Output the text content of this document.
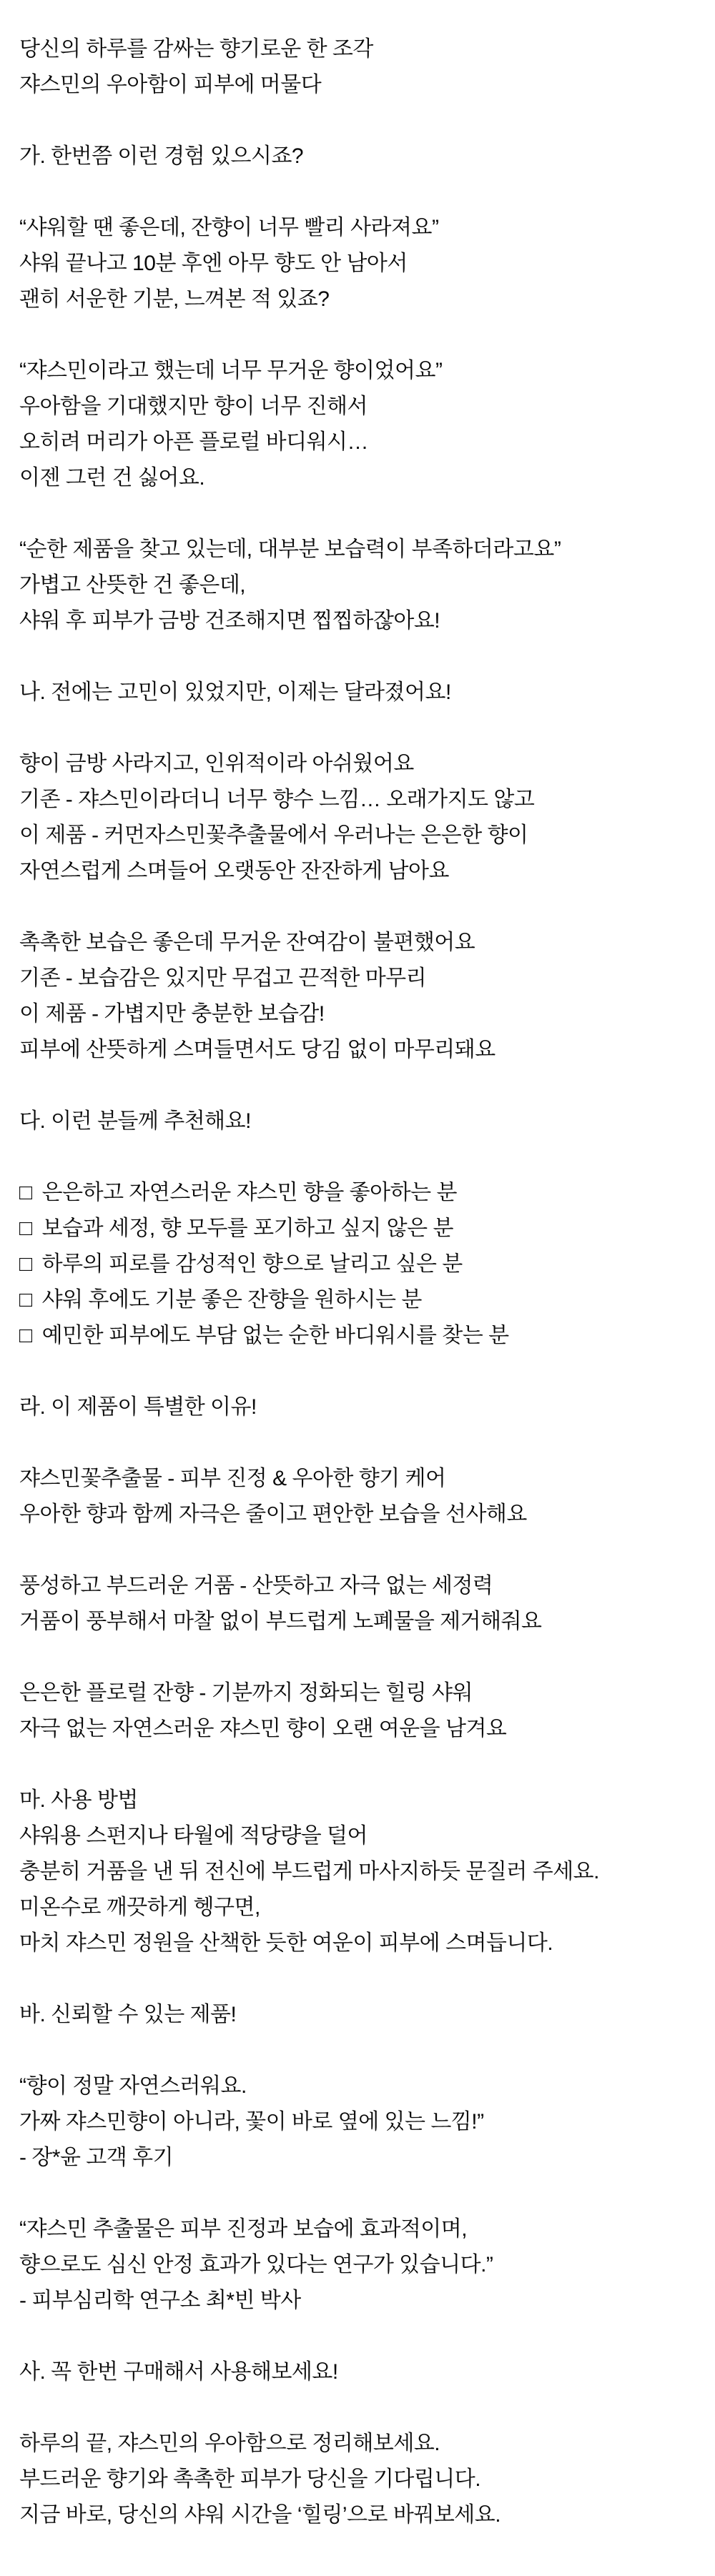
당신의 하루를 감싸는 향기로운 한 조각

쟈스민의 우아함이 피부에 머물다

가. 한번쯤 이런 경험 있으시죠?

“샤워할 땐 좋은데, 잔향이 너무 빨리 사라져요”

샤워 끝나고 10분 후엔 아무 향도 안 남아서

괜히 서운한 기분, 느껴본 적 있죠?

“쟈스민이라고 했는데 너무 무거운 향이었어요”

우아함을 기대했지만 향이 너무 진해서

오히려 머리가 아픈 플로럴 바디워시…

이젠 그런 건 싫어요.

“순한 제품을 찾고 있는데, 대부분 보습력이 부족하더라고요”

가볍고 산뜻한 건 좋은데,

샤워 후 피부가 금방 건조해지면 찝찝하잖아요!

나. 전에는 고민이 있었지만, 이제는 달라졌어요!

향이 금방 사라지고, 인위적이라 아쉬웠어요

기존 - 쟈스민이라더니 너무 향수 느낌… 오래가지도 않고

이 제품 - 커먼자스민꽃추출물에서 우러나는 은은한 향이

자연스럽게 스며들어 오랫동안 잔잔하게 남아요

촉촉한 보습은 좋은데 무거운 잔여감이 불편했어요

기존 - 보습감은 있지만 무겁고 끈적한 마무리

이 제품 - 가볍지만 충분한 보습감!

피부에 산뜻하게 스며들면서도 당김 없이 마무리돼요

다. 이런 분들께 추천해요!

□ 은은하고 자연스러운 쟈스민 향을 좋아하는 분
□ 보습과 세정, 향 모두를 포기하고 싶지 않은 분
□ 하루의 피로를 감성적인 향으로 날리고 싶은 분
□ 샤워 후에도 기분 좋은 잔향을 원하시는 분
□ 예민한 피부에도 부담 없는 순한 바디워시를 찾는 분

라. 이 제품이 특별한 이유!

쟈스민꽃추출물 - 피부 진정 & 우아한 향기 케어

우아한 향과 함께 자극은 줄이고 편안한 보습을 선사해요

풍성하고 부드러운 거품 - 산뜻하고 자극 없는 세정력

거품이 풍부해서 마찰 없이 부드럽게 노폐물을 제거해줘요

은은한 플로럴 잔향 - 기분까지 정화되는 힐링 샤워

자극 없는 자연스러운 쟈스민 향이 오랜 여운을 남겨요

마. 사용 방법

샤워용 스펀지나 타월에 적당량을 덜어

충분히 거품을 낸 뒤 전신에 부드럽게 마사지하듯 문질러 주세요.

미온수로 깨끗하게 헹구면,

마치 쟈스민 정원을 산책한 듯한 여운이 피부에 스며듭니다.

바. 신뢰할 수 있는 제품!

“향이 정말 자연스러워요.

가짜 쟈스민향이 아니라, 꽃이 바로 옆에 있는 느낌!”

- 장*윤 고객 후기

“쟈스민 추출물은 피부 진정과 보습에 효과적이며,

향으로도 심신 안정 효과가 있다는 연구가 있습니다.”

- 피부심리학 연구소 최*빈 박사

사. 꼭 한번 구매해서 사용해보세요!

하루의 끝, 쟈스민의 우아함으로 정리해보세요.

부드러운 향기와 촉촉한 피부가 당신을 기다립니다.

지금 바로, 당신의 샤워 시간을 ‘힐링’으로 바꿔보세요.
